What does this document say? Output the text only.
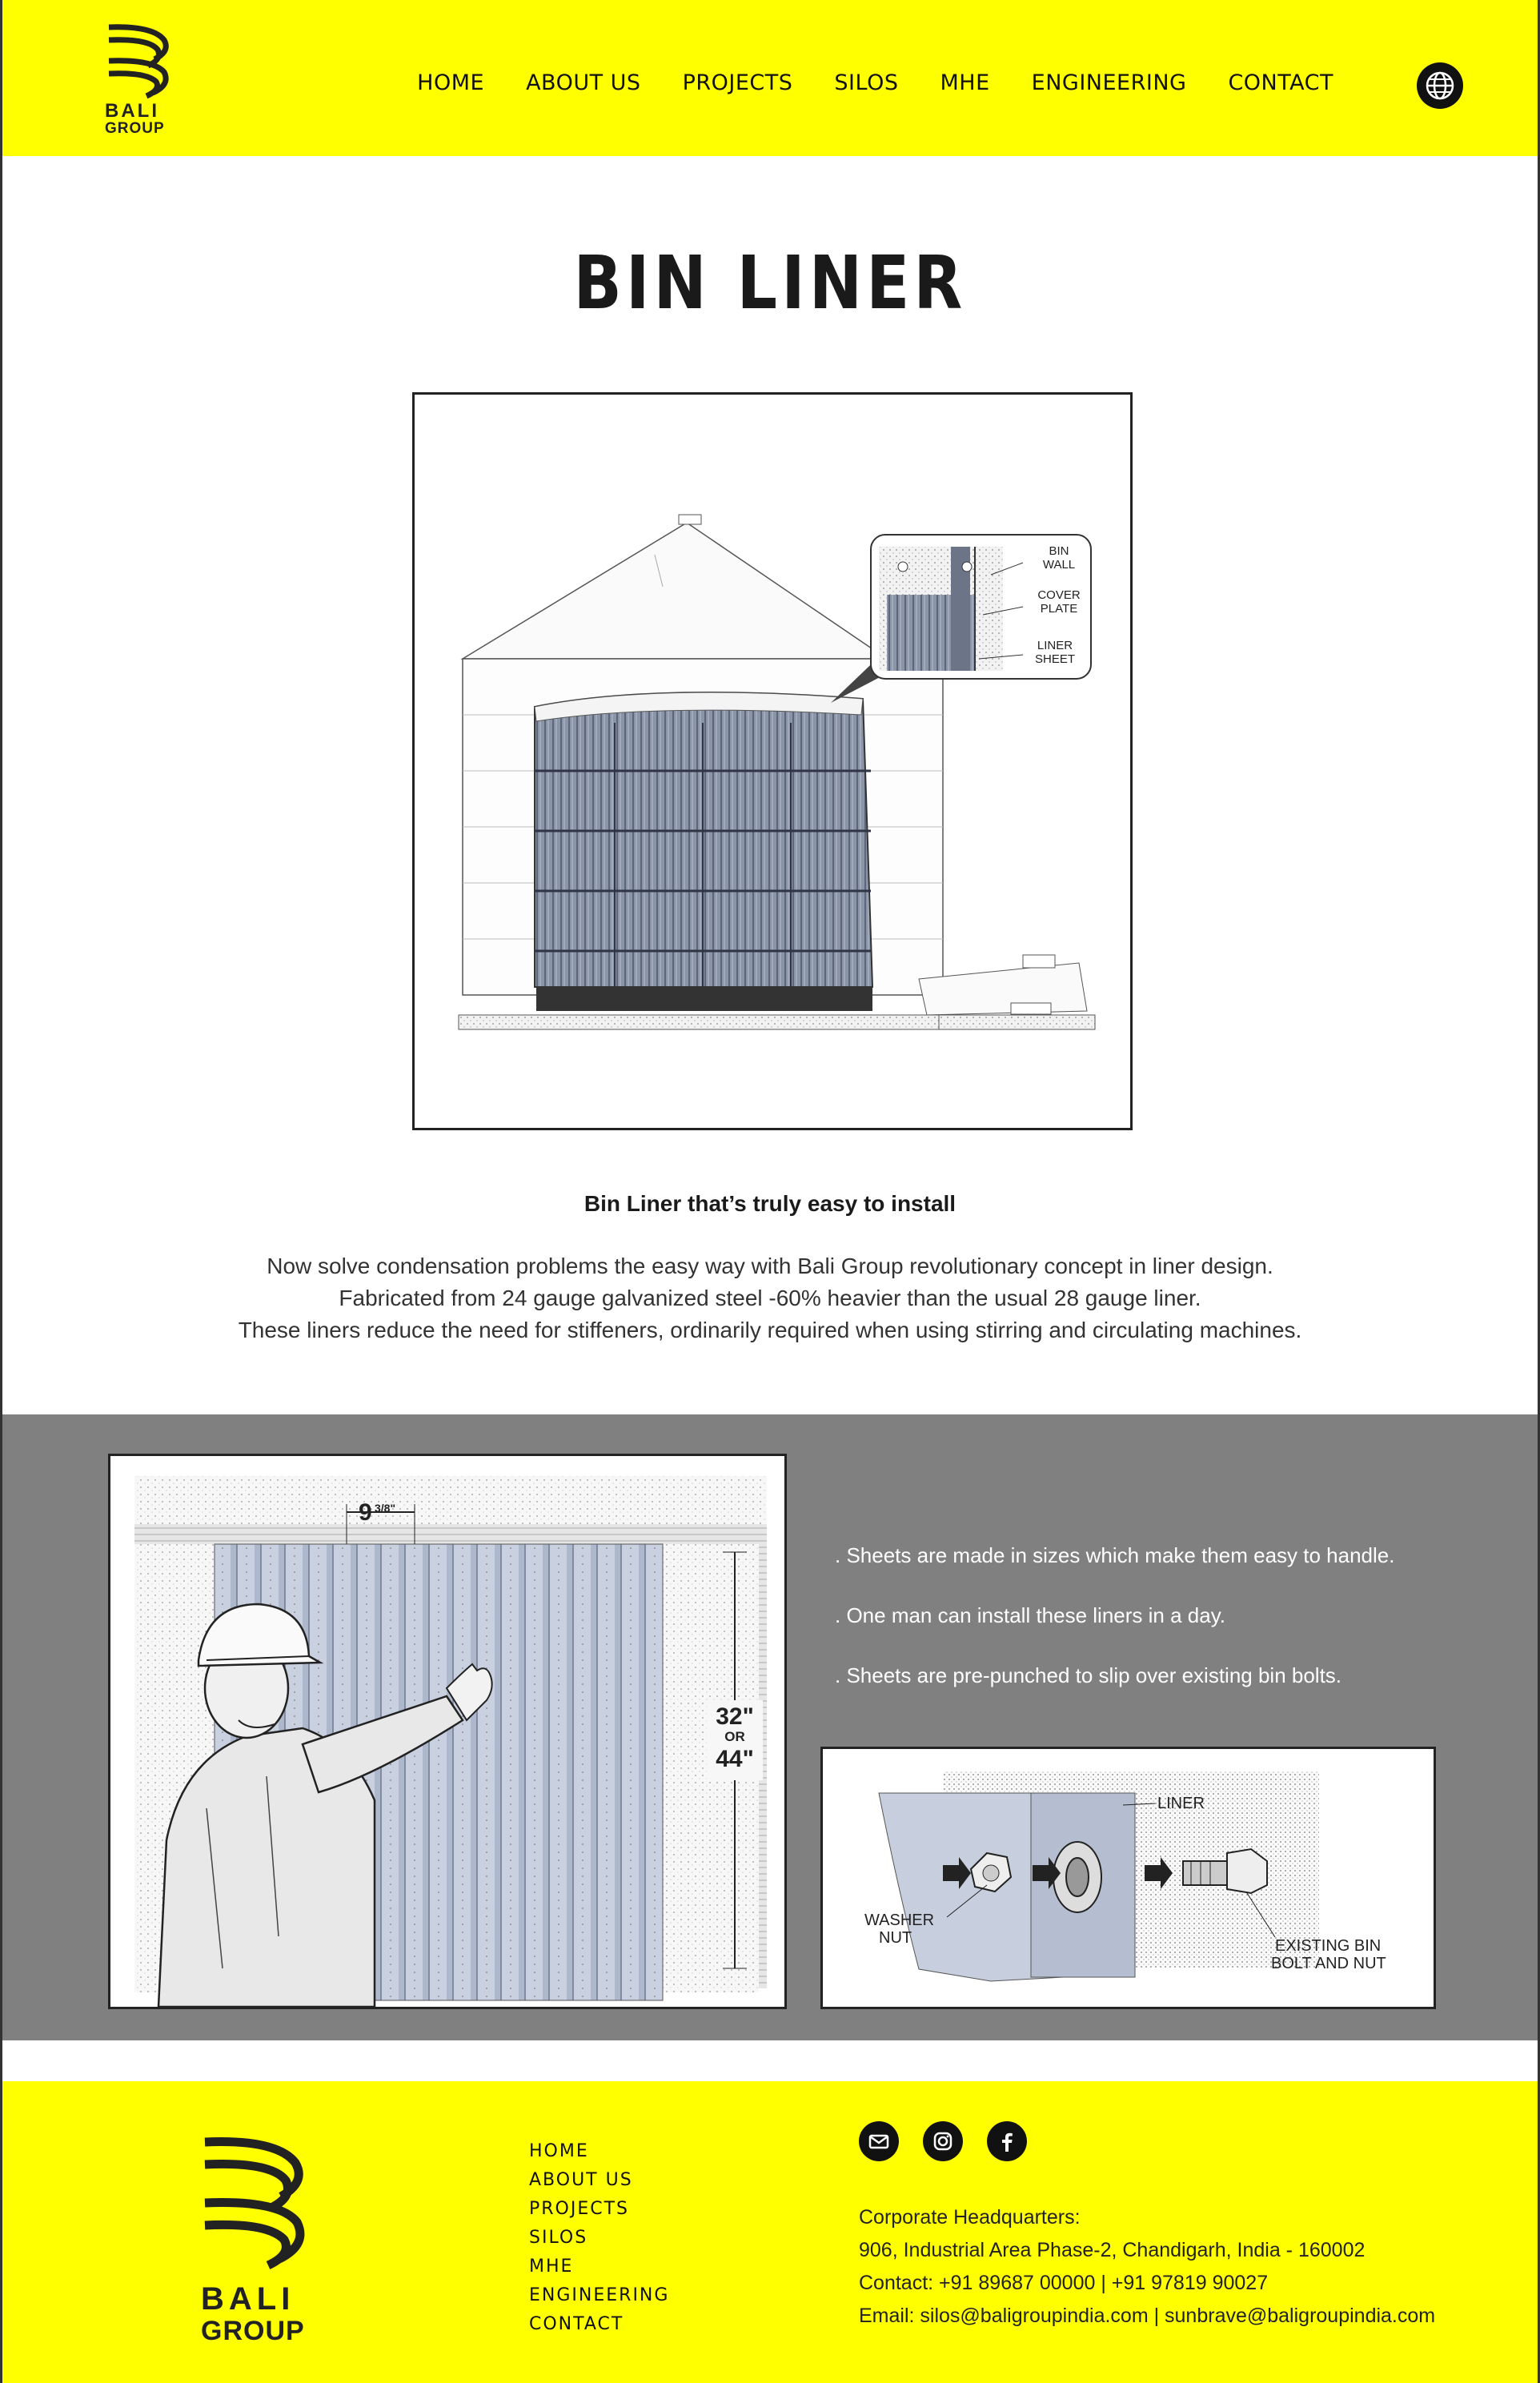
BALI
GROUP
HOME ABOUT US PROJECTS SILOS MHE ENGINEERING CONTACT
BIN LINER
BIN
WALL
COVER
PLATE
LINER
SHEET
Bin Liner that’s truly easy to install

Now solve condensation problems the easy way with Bali Group revolutionary concept in liner design.

Fabricated from 24 gauge galvanized steel -60% heavier than the usual 28 gauge liner.

These liners reduce the need for stiffeners, ordinarily required when using stirring and circulating machines.

9 3/8"
32"
OR
44"

. Sheets are made in sizes which make them easy to handle.

. One man can install these liners in a day.

. Sheets are pre-punched to slip over existing bin bolts.

LINER
WASHER
NUT	EXISTING BIN
BOLT AND NUT
BALI
GROUP
HOME
ABOUT US
PROJECTS
SILOS
MHE
ENGINEERING
CONTACT

Corporate Headquarters:

906, Industrial Area Phase-2, Chandigarh, India - 160002

Contact: +91 89687 00000 | +91 97819 90027

Email: silos@baligroupindia.com | sunbrave@baligroupindia.com
